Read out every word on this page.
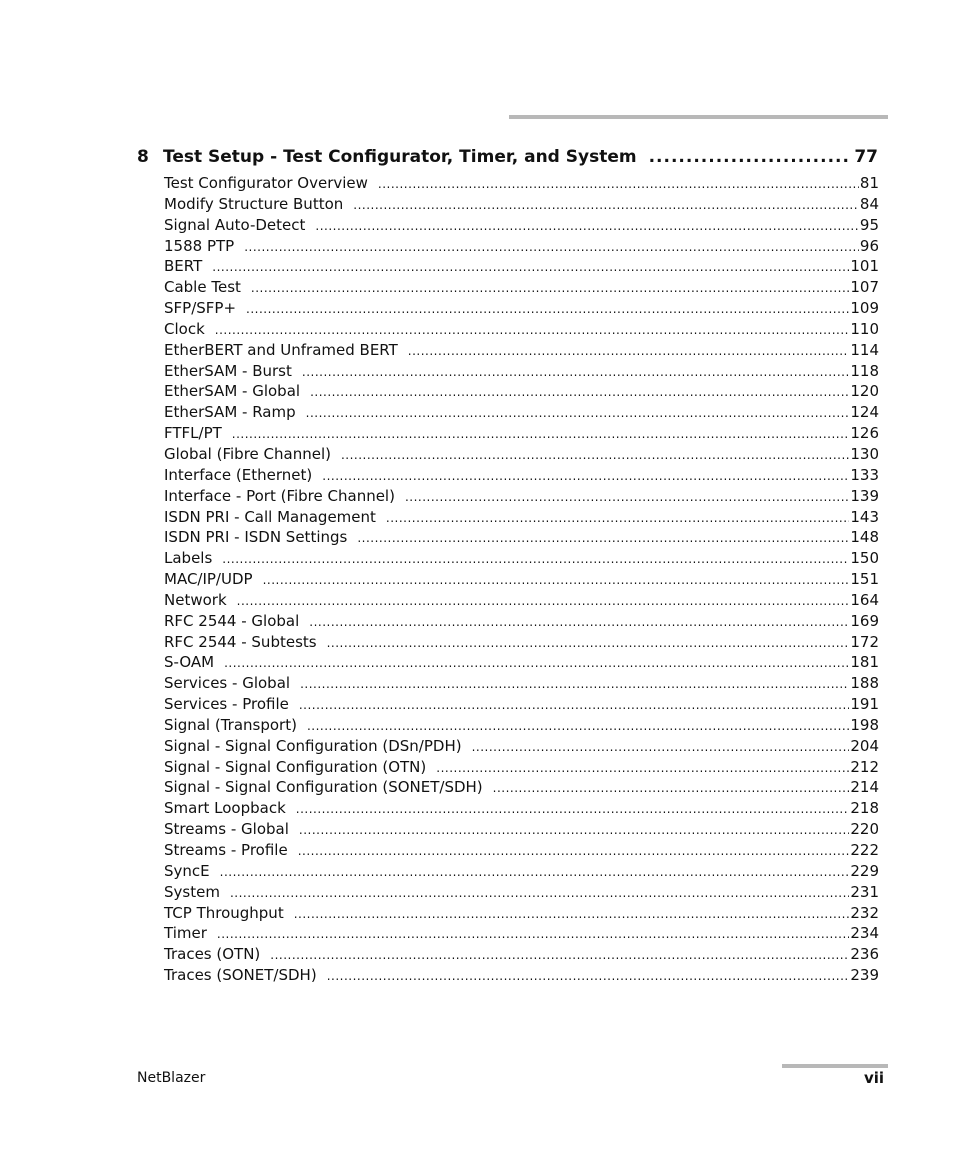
8 Test Setup - Test Configurator, Timer, and System .....	77
Test Configurator Overview .....	81
Modify Structure Button .....	84
Signal Auto-Detect .....	95
1588 PTP .....	96
BERT .....	101
Cable Test .....	107
SFP/SFP+ .....	109
Clock .....	110
EtherBERT and Unframed BERT .....	114
EtherSAM - Burst .....	118
EtherSAM - Global .....	120
EtherSAM - Ramp .....	124
FTFL/PT .....	126
Global (Fibre Channel) .....	130
Interface (Ethernet) .....	133
Interface - Port (Fibre Channel) .....	139
ISDN PRI - Call Management .....	143
ISDN PRI - ISDN Settings .....	148
Labels .....	150
MAC/IP/UDP .....	151
Network .....	164
RFC 2544 - Global .....	169
RFC 2544 - Subtests .....	172
S-OAM .....	181
Services - Global .....	188
Services - Profile .....	191
Signal (Transport) .....	198
Signal - Signal Configuration (DSn/PDH) .....	204
Signal - Signal Configuration (OTN) .....	212
Signal - Signal Configuration (SONET/SDH) .....	214
Smart Loopback .....	218
Streams - Global .....	220
Streams - Profile .....	222
SyncE .....	229
System .....	231
TCP Throughput .....	232
Timer .....	234
Traces (OTN) .....	236
Traces (SONET/SDH) .....	239
NetBlazer	vii
